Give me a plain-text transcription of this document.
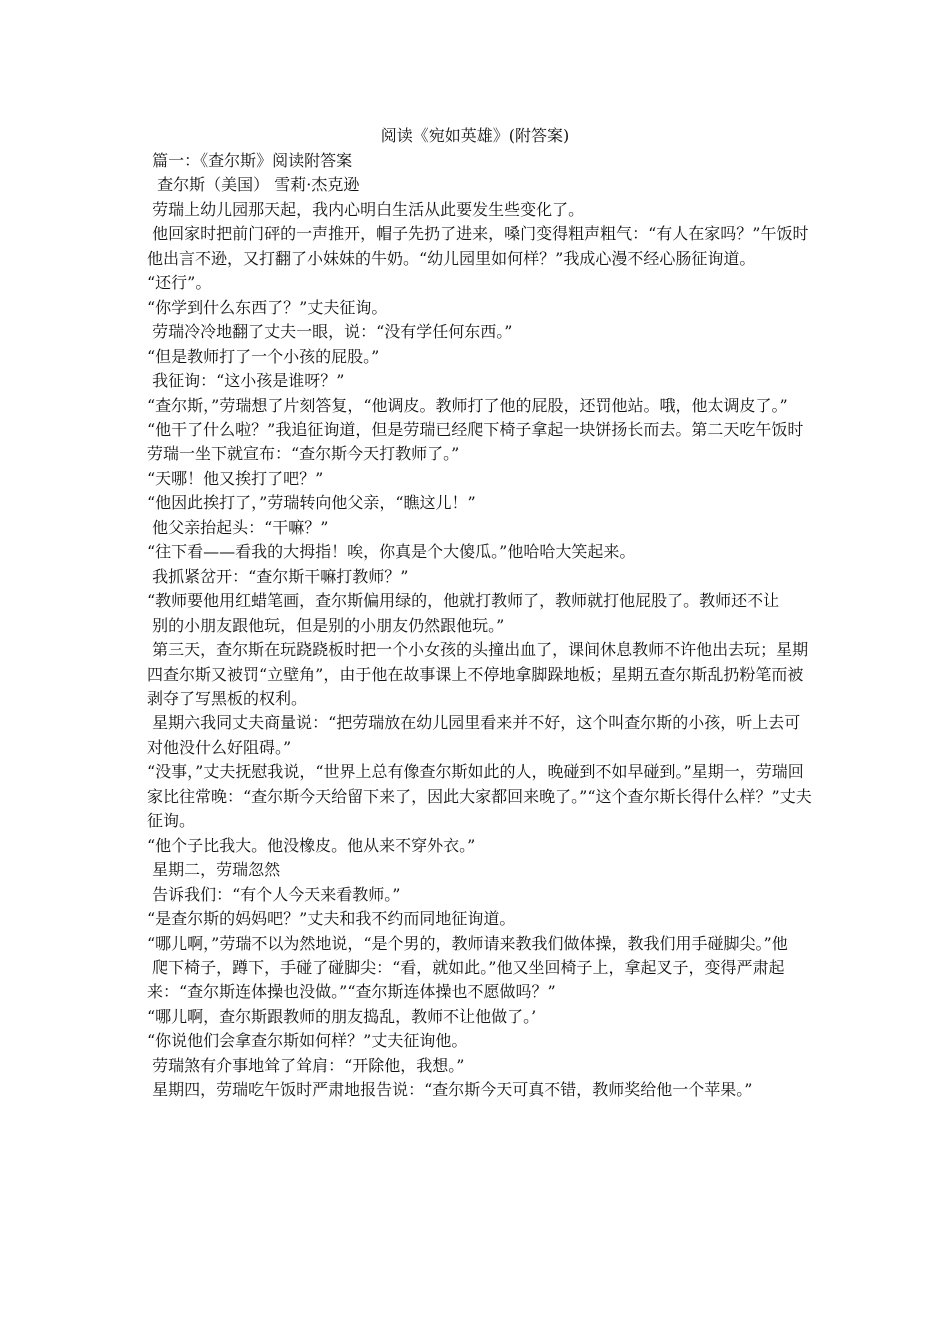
阅读《宛如英雄》(附答案)

篇一：《查尔斯》阅读附答案

查尔斯（美国） 雪莉·杰克逊

劳瑞上幼儿园那天起，我内心明白生活从此要发生些变化了。

他回家时把前门砰的一声推开，帽子先扔了进来，嗓门变得粗声粗气：“有人在家吗？”午饭时他出言不逊，又打翻了小妹妹的牛奶。“幼儿园里如何样？”我成心漫不经心肠征询道。

“还行”。

“你学到什么东西了？”丈夫征询。

劳瑞冷冷地翻了丈夫一眼，说：“没有学任何东西。”

“但是教师打了一个小孩的屁股。”

我征询：“这小孩是谁呀？”

“查尔斯，”劳瑞想了片刻答复，“他调皮。教师打了他的屁股，还罚他站。哦，他太调皮了。”

“他干了什么啦？”我追征询道，但是劳瑞已经爬下椅子拿起一块饼扬长而去。第二天吃午饭时劳瑞一坐下就宣布：“查尔斯今天打教师了。”

“天哪！他又挨打了吧？”

“他因此挨打了，”劳瑞转向他父亲，“瞧这儿！”

他父亲抬起头：“干嘛？”

“往下看——看我的大拇指！唉，你真是个大傻瓜。”他哈哈大笑起来。

我抓紧岔开：“查尔斯干嘛打教师？”

“教师要他用红蜡笔画，查尔斯偏用绿的，他就打教师了，教师就打他屁股了。教师还不让

别的小朋友跟他玩，但是别的小朋友仍然跟他玩。”

第三天，查尔斯在玩跷跷板时把一个小女孩的头撞出血了，课间休息教师不许他出去玩；星期四查尔斯又被罚“立壁角”，由于他在故事课上不停地拿脚跺地板；星期五查尔斯乱扔粉笔而被剥夺了写黑板的权利。

星期六我同丈夫商量说：“把劳瑞放在幼儿园里看来并不好，这个叫查尔斯的小孩，听上去可对他没什么好阻碍。”

“没事，”丈夫抚慰我说，“世界上总有像查尔斯如此的人，晚碰到不如早碰到。”星期一，劳瑞回家比往常晚：“查尔斯今天给留下来了，因此大家都回来晚了。”“这个查尔斯长得什么样？”丈夫征询。

“他个子比我大。他没橡皮。他从来不穿外衣。”

星期二，劳瑞忽然

告诉我们：“有个人今天来看教师。”

“是查尔斯的妈妈吧？”丈夫和我不约而同地征询道。

“哪儿啊，”劳瑞不以为然地说，“是个男的，教师请来教我们做体操，教我们用手碰脚尖。”他

爬下椅子，蹲下，手碰了碰脚尖：“看，就如此。”他又坐回椅子上，拿起叉子，变得严肃起来：“查尔斯连体操也没做。”“查尔斯连体操也不愿做吗？”

“哪儿啊，查尔斯跟教师的朋友捣乱，教师不让他做了。’

“你说他们会拿查尔斯如何样？”丈夫征询他。

劳瑞煞有介事地耸了耸肩：“开除他，我想。”

星期四，劳瑞吃午饭时严肃地报告说：“查尔斯今天可真不错，教师奖给他一个苹果。”
